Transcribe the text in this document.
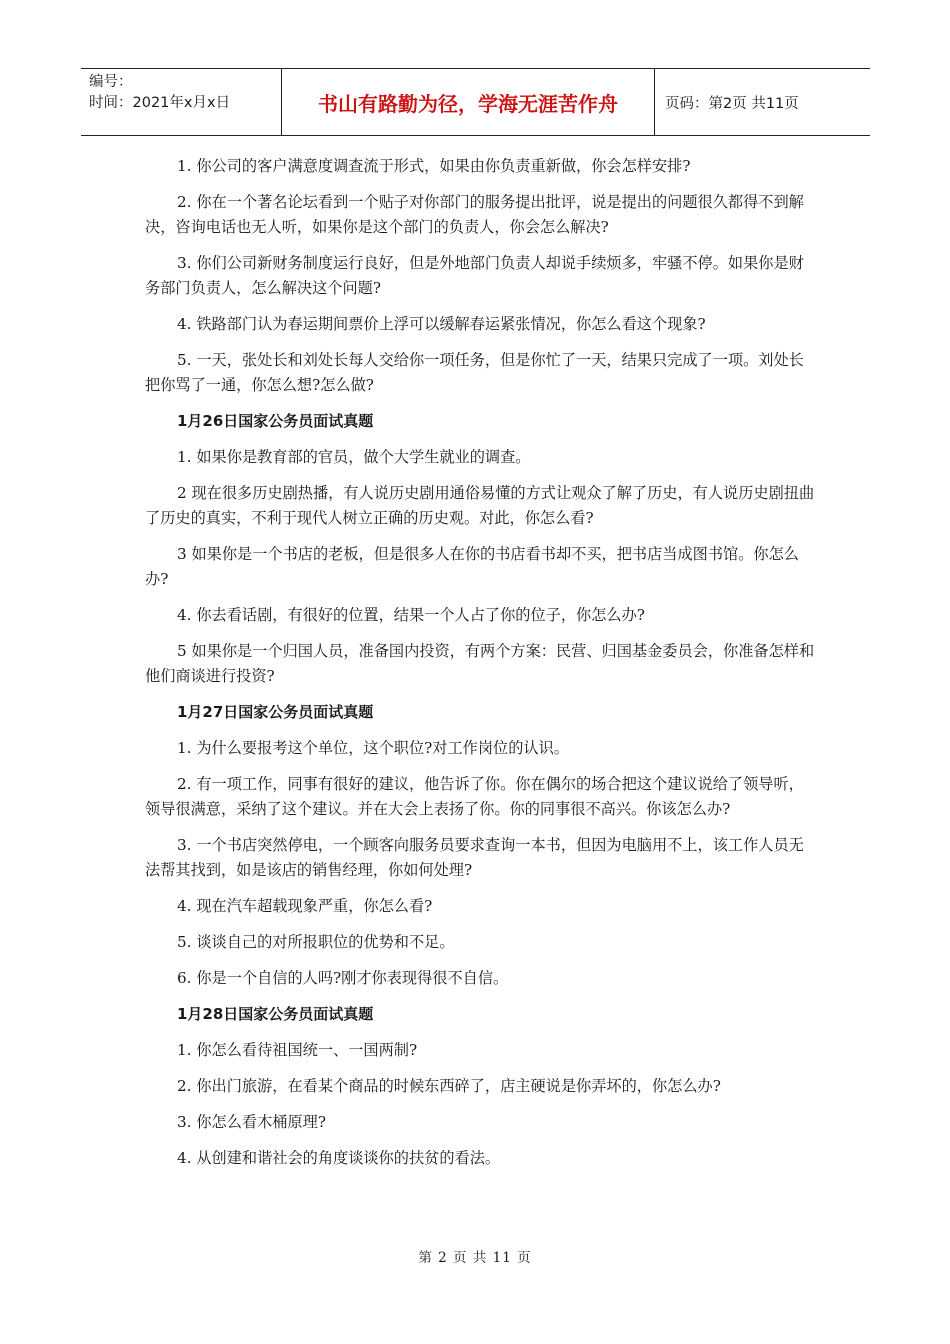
编号：
时间：2021年x月x日	书山有路勤为径，学海无涯苦作舟	页码：第2页 共11页

1. 你公司的客户满意度调查流于形式，如果由你负责重新做，你会怎样安排?

2. 你在一个著名论坛看到一个贴子对你部门的服务提出批评，说是提出的问题很久都得不到解决，咨询电话也无人听，如果你是这个部门的负责人，你会怎么解决?

3. 你们公司新财务制度运行良好，但是外地部门负责人却说手续烦多，牢骚不停。如果你是财务部门负责人，怎么解决这个问题?

4. 铁路部门认为春运期间票价上浮可以缓解春运紧张情况，你怎么看这个现象?

5. 一天，张处长和刘处长每人交给你一项任务，但是你忙了一天，结果只完成了一项。刘处长把你骂了一通，你怎么想?怎么做?

1月26日国家公务员面试真题

1. 如果你是教育部的官员，做个大学生就业的调查。

2 现在很多历史剧热播，有人说历史剧用通俗易懂的方式让观众了解了历史，有人说历史剧扭曲了历史的真实，不利于现代人树立正确的历史观。对此，你怎么看?

3 如果你是一个书店的老板，但是很多人在你的书店看书却不买，把书店当成图书馆。你怎么办?

4. 你去看话剧，有很好的位置，结果一个人占了你的位子，你怎么办?

5 如果你是一个归国人员，准备国内投资，有两个方案：民营、归国基金委员会，你准备怎样和他们商谈进行投资?

1月27日国家公务员面试真题

1. 为什么要报考这个单位，这个职位?对工作岗位的认识。

2. 有一项工作，同事有很好的建议，他告诉了你。你在偶尔的场合把这个建议说给了领导听，领导很满意，采纳了这个建议。并在大会上表扬了你。你的同事很不高兴。你该怎么办?

3. 一个书店突然停电，一个顾客向服务员要求查询一本书，但因为电脑用不上，该工作人员无法帮其找到，如是该店的销售经理，你如何处理?

4. 现在汽车超载现象严重，你怎么看?

5. 谈谈自己的对所报职位的优势和不足。

6. 你是一个自信的人吗?刚才你表现得很不自信。

1月28日国家公务员面试真题

1. 你怎么看待祖国统一、一国两制?

2. 你出门旅游，在看某个商品的时候东西碎了，店主硬说是你弄坏的，你怎么办?

3. 你怎么看木桶原理?

4. 从创建和谐社会的角度谈谈你的扶贫的看法。

第 2 页 共 11 页
